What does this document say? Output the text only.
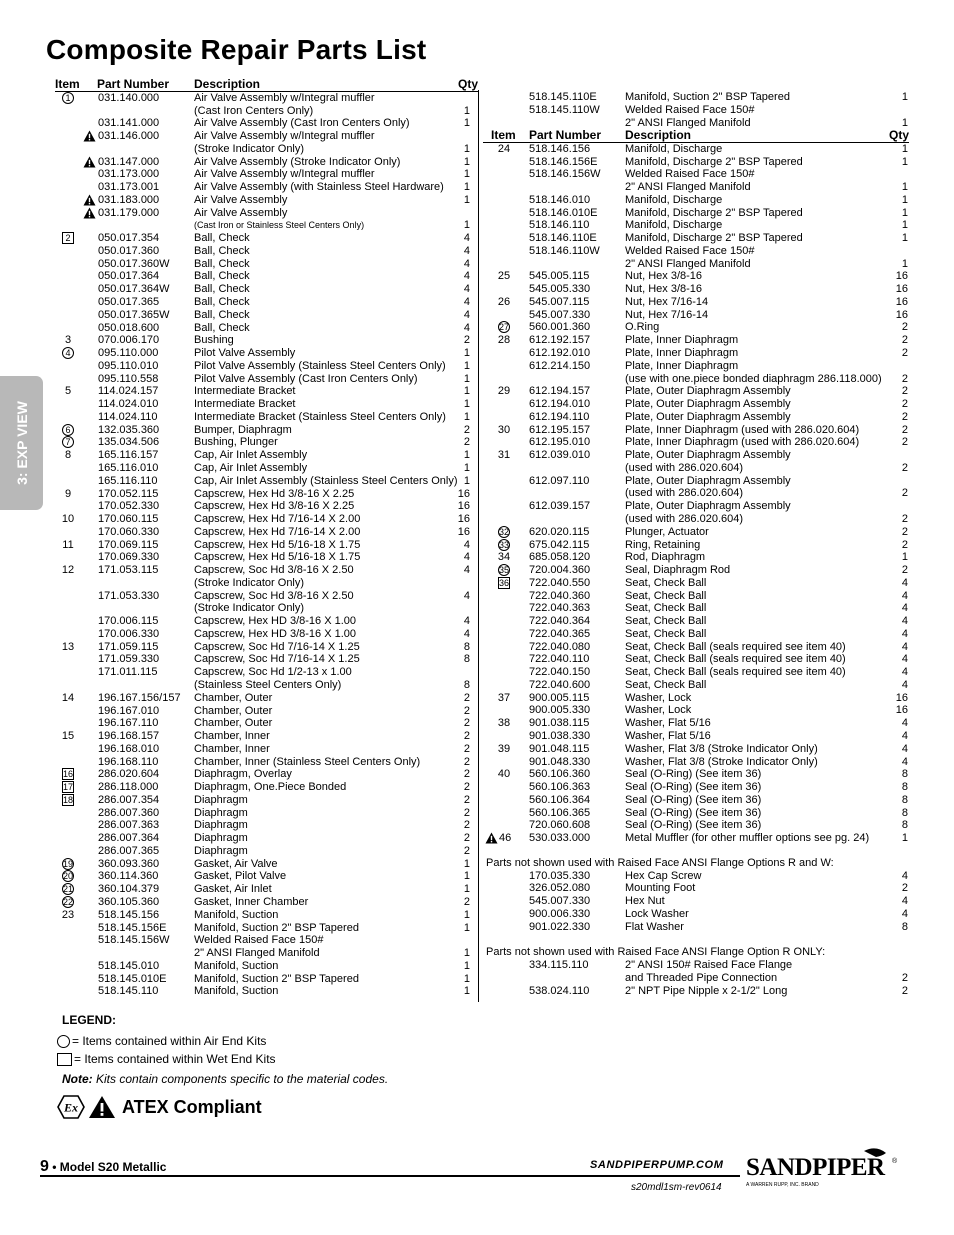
Composite Repair Parts List
3: EXP VIEW
Item Part Number Description	Qty
1	031.140.000	Air Valve Assembly w/Integral muffler
(Cast Iron Centers Only)	1
031.141.000	Air Valve Assembly (Cast Iron Centers Only)	1
031.146.000	Air Valve Assembly w/Integral muffler
(Stroke Indicator Only)	1
031.147.000	Air Valve Assembly (Stroke Indicator Only)	1
031.173.000	Air Valve Assembly w/Integral muffler	1
031.173.001	Air Valve Assembly (with Stainless Steel Hardware) 1
031.183.000	Air Valve Assembly	1
031.179.000	Air Valve Assembly
(Cast Iron or Stainless Steel Centers Only)	1
2	050.017.354	Ball, Check	4
050.017.360	Ball, Check	4
050.017.360W Ball, Check	4
050.017.364	Ball, Check	4
050.017.364W Ball, Check	4
050.017.365	Ball, Check	4
050.017.365W Ball, Check	4
050.018.600	Ball, Check	4
3	070.006.170	Bushing	2
4	095.110.000	Pilot Valve Assembly	1
095.110.010	Pilot Valve Assembly (Stainless Steel Centers Only) 1
095.110.558	Pilot Valve Assembly (Cast Iron Centers Only)	1
5	114.024.157	Intermediate Bracket	1
114.024.010	Intermediate Bracket	1
114.024.110	Intermediate Bracket (Stainless Steel Centers Only) 1
6	132.035.360	Bumper, Diaphragm	2
7	135.034.506	Bushing, Plunger	2
8	165.116.157	Cap, Air Inlet Assembly	1
165.116.010	Cap, Air Inlet Assembly	1
165.116.110	Cap, Air Inlet Assembly (Stainless Steel Centers Only) 1
9	170.052.115	Capscrew, Hex Hd 3/8-16 X 2.25	16
170.052.330	Capscrew, Hex Hd 3/8-16 X 2.25	16
10	170.060.115	Capscrew, Hex Hd 7/16-14 X 2.00	16
170.060.330	Capscrew, Hex Hd 7/16-14 X 2.00	16
11	170.069.115	Capscrew, Hex Hd 5/16-18 X 1.75	4
170.069.330	Capscrew, Hex Hd 5/16-18 X 1.75	4
12	171.053.115	Capscrew, Soc Hd 3/8-16 X 2.50	4
(Stroke Indicator Only)
171.053.330	Capscrew, Soc Hd 3/8-16 X 2.50	4
(Stroke Indicator Only)
170.006.115	Capscrew, Hex HD 3/8-16 X 1.00	4
170.006.330	Capscrew, Hex HD 3/8-16 X 1.00	4
13	171.059.115	Capscrew, Soc Hd 7/16-14 X 1.25	8
171.059.330	Capscrew, Soc Hd 7/16-14 X 1.25	8
171.011.115	Capscrew, Soc Hd 1/2-13 x 1.00
(Stainless Steel Centers Only)	8
14	196.167.156/157 Chamber, Outer	2
196.167.010	Chamber, Outer	2
196.167.110	Chamber, Outer	2
15	196.168.157	Chamber, Inner	2
196.168.010	Chamber, Inner	2
196.168.110	Chamber, Inner (Stainless Steel Centers Only)	2
16	286.020.604	Diaphragm, Overlay	2
17	286.118.000	Diaphragm, One.Piece Bonded	2
18	286.007.354	Diaphragm	2
286.007.360	Diaphragm	2
286.007.363	Diaphragm	2
286.007.364	Diaphragm	2
286.007.365	Diaphragm	2
19	360.093.360	Gasket, Air Valve	1
20	360.114.360	Gasket, Pilot Valve	1
21	360.104.379	Gasket, Air Inlet	1
22	360.105.360	Gasket, Inner Chamber	2
23	518.145.156	Manifold, Suction	1
518.145.156E Manifold, Suction 2" BSP Tapered	1
518.145.156W Welded Raised Face 150#
2" ANSI Flanged Manifold	1
518.145.010	Manifold, Suction	1
518.145.010E Manifold, Suction 2" BSP Tapered	1
518.145.110	Manifold, Suction	1
518.145.110E	Manifold, Suction 2" BSP Tapered	1
518.145.110W Welded Raised Face 150#
2" ANSI Flanged Manifold	1
Item Part Number Description	Qty
24	518.146.156	Manifold, Discharge	1
518.146.156E Manifold, Discharge 2" BSP Tapered	1
518.146.156W Welded Raised Face 150#
2" ANSI Flanged Manifold	1
518.146.010	Manifold, Discharge	1
518.146.010E Manifold, Discharge 2" BSP Tapered	1
518.146.110	Manifold, Discharge	1
518.146.110E	Manifold, Discharge 2" BSP Tapered	1
518.146.110W Welded Raised Face 150#
2" ANSI Flanged Manifold	1
25	545.005.115	Nut, Hex 3/8-16	16
545.005.330	Nut, Hex 3/8-16	16
26	545.007.115	Nut, Hex 7/16-14	16
545.007.330	Nut, Hex 7/16-14	16
27	560.001.360	O.Ring	2
28	612.192.157	Plate, Inner Diaphragm	2
612.192.010	Plate, Inner Diaphragm	2
612.214.150	Plate, Inner Diaphragm
(use with one.piece bonded diaphragm 286.118.000) 2
29	612.194.157	Plate, Outer Diaphragm Assembly	2
612.194.010	Plate, Outer Diaphragm Assembly	2
612.194.110	Plate, Outer Diaphragm Assembly	2
30	612.195.157	Plate, Inner Diaphragm (used with 286.020.604)	2
612.195.010	Plate, Inner Diaphragm (used with 286.020.604)	2
31	612.039.010	Plate, Outer Diaphragm Assembly
(used with 286.020.604)	2
612.097.110	Plate, Outer Diaphragm Assembly
(used with 286.020.604)	2
612.039.157	Plate, Outer Diaphragm Assembly
(used with 286.020.604)	2
32	620.020.115	Plunger, Actuator	2
33	675.042.115	Ring, Retaining	2
34	685.058.120	Rod, Diaphragm	1
35	720.004.360	Seal, Diaphragm Rod	2
36	722.040.550	Seat, Check Ball	4
722.040.360	Seat, Check Ball	4
722.040.363	Seat, Check Ball	4
722.040.364	Seat, Check Ball	4
722.040.365	Seat, Check Ball	4
722.040.080	Seat, Check Ball (seals required see item 40)	4
722.040.110	Seat, Check Ball (seals required see item 40)	4
722.040.150	Seat, Check Ball (seals required see item 40)	4
722.040.600	Seat, Check Ball	4
37	900.005.115	Washer, Lock	16
900.005.330	Washer, Lock	16
38	901.038.115	Washer, Flat 5/16	4
901.038.330	Washer, Flat 5/16	4
39	901.048.115	Washer, Flat 3/8 (Stroke Indicator Only)	4
901.048.330	Washer, Flat 3/8 (Stroke Indicator Only)	4
40	560.106.360	Seal (O-Ring) (See item 36)	8
560.106.363	Seal (O-Ring) (See item 36)	8
560.106.364	Seal (O-Ring) (See item 36)	8
560.106.365	Seal (O-Ring) (See item 36)	8
720.060.608	Seal (O-Ring) (See item 36)	8
46 530.033.000	Metal Muffler (for other muffler options see pg. 24)	1
Parts not shown used with Raised Face ANSI Flange Options R and W:
170.035.330	Hex Cap Screw	4
326.052.080	Mounting Foot	2
545.007.330	Hex Nut	4
900.006.330	Lock Washer	4
901.022.330	Flat Washer	8
Parts not shown used with Raised Face ANSI Flange Option R ONLY:
334.115.110	2" ANSI 150# Raised Face Flange
and Threaded Pipe Connection	2
538.024.110	2" NPT Pipe Nipple x 2-1/2" Long	2
LEGEND:
= Items contained within Air End Kits
= Items contained within Wet End Kits
Note: Kits contain components specific to the material codes.
Ex ATEX Compliant
9 • Model S20 Metallic	SANDPIPERPUMP.COM
s20mdl1sm-rev0614
SANDPIPER ®
A WARREN RUPP, INC. BRAND
